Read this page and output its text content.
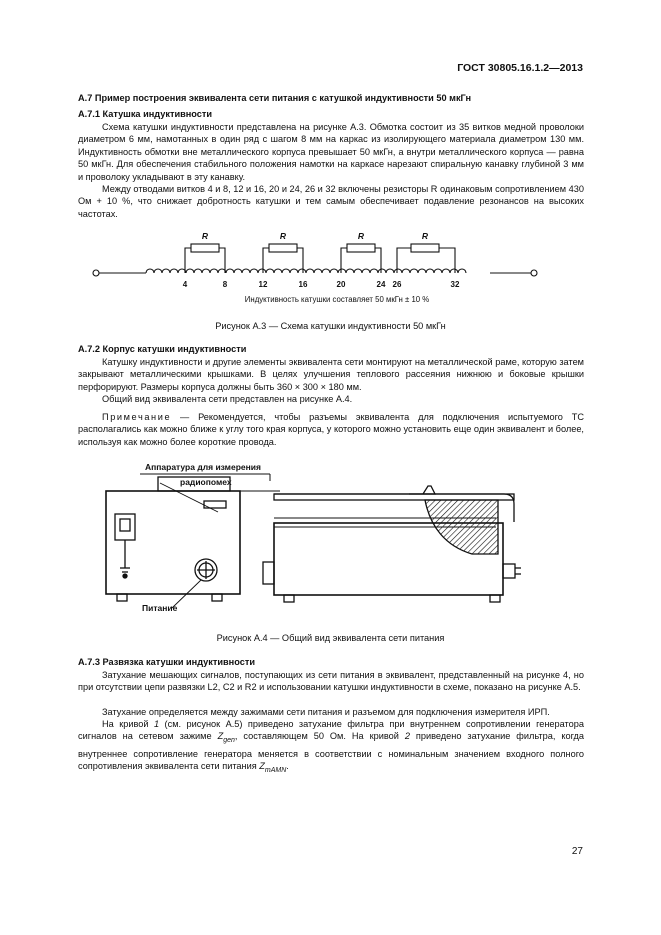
ГОСТ 30805.16.1.2—2013
А.7 Пример построения эквивалента сети питания с катушкой индуктивности 50 мкГн
А.7.1 Катушка индуктивности
Схема катушки индуктивности представлена на рисунке А.3. Обмотка состоит из 35 витков медной проволоки диаметром 6 мм, намотанных в один ряд с шагом 8 мм на каркас из изолирующего материала диаметром 130 мм. Индуктивность обмотки вне металлического корпуса превышает 50 мкГн, а внутри металлического корпуса — равна 50 мкГн. Для обеспечения стабильного положения намотки на каркасе нарезают спиральную канавку глубиной 3 мм и проволоку укладывают в эту канавку.
Между отводами витков 4 и 8, 12 и 16, 20 и 24, 26 и 32 включены резисторы R одинаковым сопротивлением 430 Ом + 10 %, что снижает добротность катушки и тем самым обеспечивает подавление резонансов на высоких частотах.
R	R	R	R
4	8	12	16	20	24 26	32
Индуктивность катушки составляет 50 мкГн ± 10 %
Рисунок А.3 — Схема катушки индуктивности 50 мкГн
А.7.2 Корпус катушки индуктивности
Катушку индуктивности и другие элементы эквивалента сети монтируют на металлической раме, которую затем закрывают металлическими крышками. В целях улучшения теплового рассеяния нижнюю и боковые крышки перфорируют. Размеры корпуса должны быть 360 × 300 × 180 мм.
Общий вид эквивалента сети представлен на рисунке А.4.
Примечание — Рекомендуется, чтобы разъемы эквивалента для подключения испытуемого ТС располагались как можно ближе к углу того края корпуса, у которого можно установить еще один эквивалент и более, используя как можно более короткие провода.
Аппаратура для измерения
радиопомех
Питание
Рисунок А.4 — Общий вид эквивалента сети питания
А.7.3 Развязка катушки индуктивности
Затухание мешающих сигналов, поступающих из сети питания в эквивалент, представленный на рисунке 4, но при отсутствии цепи развязки L2, C2 и R2 и использовании катушки индуктивности в схеме, показано на рисунке А.5.
Затухание определяется между зажимами сети питания и разъемом для подключения измерителя ИРП.
На кривой 1 (см. рисунок А.5) приведено затухание фильтра при внутреннем сопротивлении генератора сигналов на сетевом зажиме $Z_{gen}$, составляющем 50 Ом. На кривой 2 приведено затухание фильтра, когда внутреннее сопротивление генератора меняется в соответствии с номинальным значением входного полного сопротивления эквивалента сети питания $Z_{mAMN}$.
27
